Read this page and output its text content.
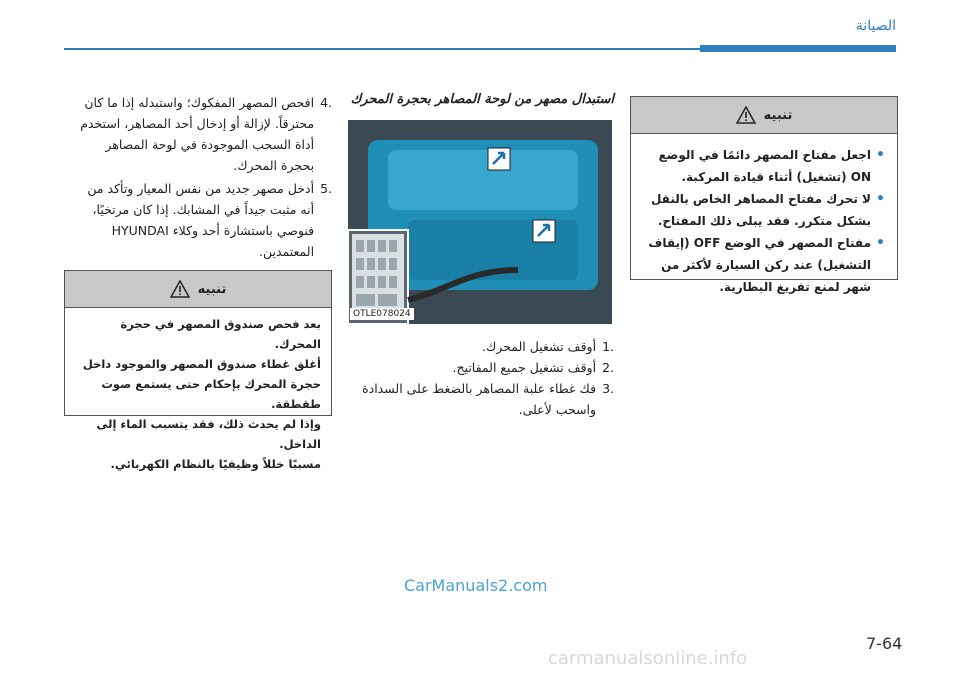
الصيانة
تنبيه
• اجعل مفتاح المصهر دائمًا في الوضع ON (تشغيل) أثناء قيادة المركبة.
• لا تحرك مفتاح المصاهر الخاص بالنقل بشكل متكرر. فقد يبلى ذلك المفتاح.
• مفتاح المصهر في الوضع OFF (إيقاف التشغيل) عند ركن السيارة لأكثر من شهر لمنع تفريغ البطارية.
استبدال مصهر من لوحة المصاهر بحجرة المحرك
OTLE078024
.1
أوقف تشغيل المحرك.
.2
أوقف تشغيل جميع المفاتيح.
.3
فك غطاء علبة المصاهر بالضغط على السدادة واسحب لأعلى.
.4
افحص المصهر المفكوك؛ واستبدله إذا ما كان محترقاً. لإزالة أو إدخال أحد المصاهر، استخدم أداة السحب الموجودة في لوحة المصاهر بحجرة المحرك.
.5
أدخل مصهر جديد من نفس المعيار وتأكد من أنه مثبت جيداً في المشابك. إذا كان مرتخيًا، فنوصي باستشارة أحد وكلاء HYUNDAI المعتمدين.
تنبيه
بعد فحص صندوق المصهر في حجرة المحرك.
أغلق غطاء صندوق المصهر والموجود داخل حجرة المحرك بإحكام حتى يستمع صوت طقطقة.
وإذا لم يحدث ذلك، فقد يتسبب الماء إلى الداخل.
مسببًا خللاً وظيفيًا بالنظام الكهربائي.
CarManuals2.com
7-64
carmanualsonline.info
